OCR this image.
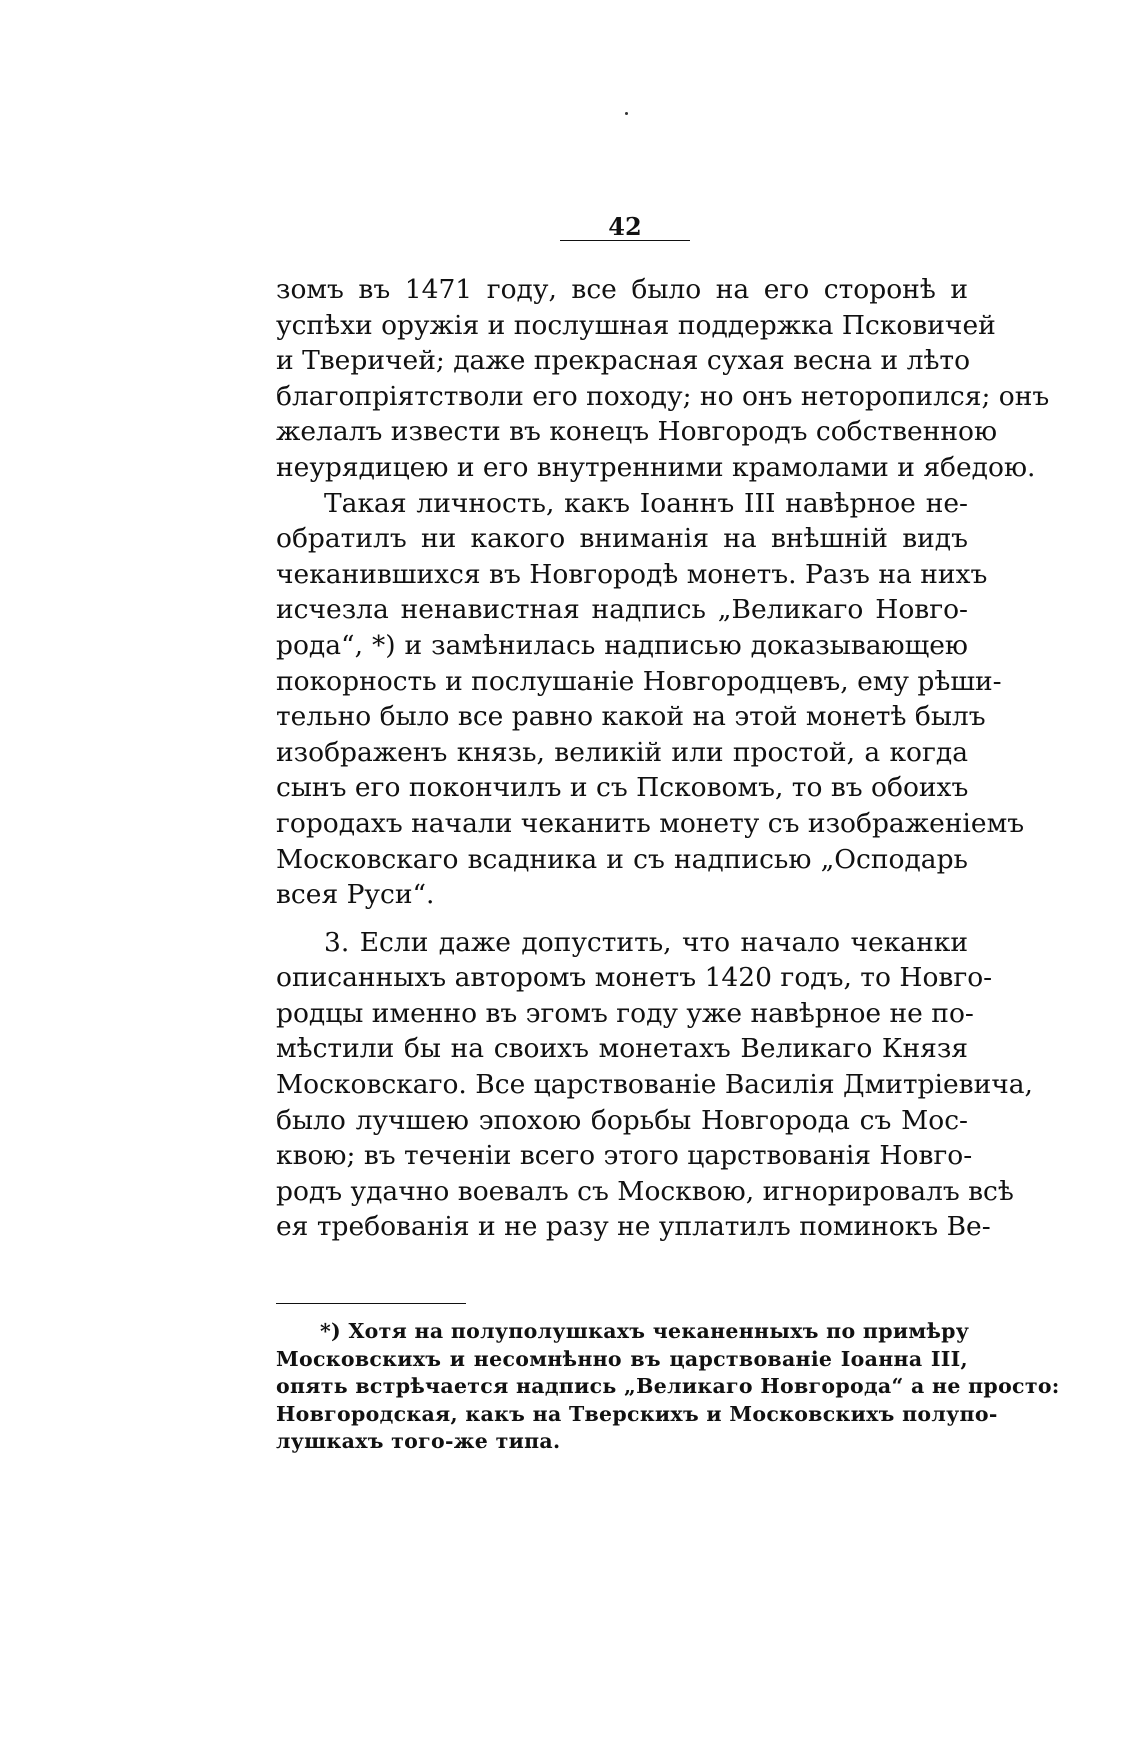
42
зомъ въ 1471 году, все было на его сторонѣ и
успѣхи оружія и послушная поддержка Псковичей
и Тверичей; даже прекрасная сухая весна и лѣто
благопріятстволи его походу; но онъ неторопился; онъ
желалъ извести въ конецъ Новгородъ собственною
неурядицею и его внутренними крамолами и ябедою.
Такая личность, какъ Іоаннъ III навѣрное не-
обратилъ ни какого вниманія на внѣшній видъ
чеканившихся въ Новгородѣ монетъ. Разъ на нихъ
исчезла ненавистная надпись „Великаго Новго-
рода“, *) и замѣнилась надписью доказывающею
покорность и послушаніе Новгородцевъ, ему рѣши-
тельно было все равно какой на этой монетѣ былъ
изображенъ князь, великій или простой, а когда
сынъ его покончилъ и съ Псковомъ, то въ обоихъ
городахъ начали чеканить монету съ изображеніемъ
Московскаго всадника и съ надписью „Осподарь
всея Руси“.
3. Если даже допустить, что начало чеканки
описанныхъ авторомъ монетъ 1420 годъ, то Новго-
родцы именно въ эгомъ году уже навѣрное не по-
мѣстили бы на своихъ монетахъ Великаго Князя
Московскаго. Все царствованіе Василія Дмитріевича,
было лучшею эпохою борьбы Новгорода съ Мос-
квою; въ теченіи всего этого царствованія Новго-
родъ удачно воевалъ съ Москвою, игнорировалъ всѣ
ея требованія и не разу не уплатилъ поминокъ Ве-
*) Хотя на полуполушкахъ чеканенныхъ по примѣру
Московскихъ и несомнѣнно въ царствованіе Іоанна III,
опять встрѣчается надпись „Великаго Новгорода“ а не просто:
Новгородская, какъ на Тверскихъ и Московскихъ полупо-
лушкахъ того-же типа.
